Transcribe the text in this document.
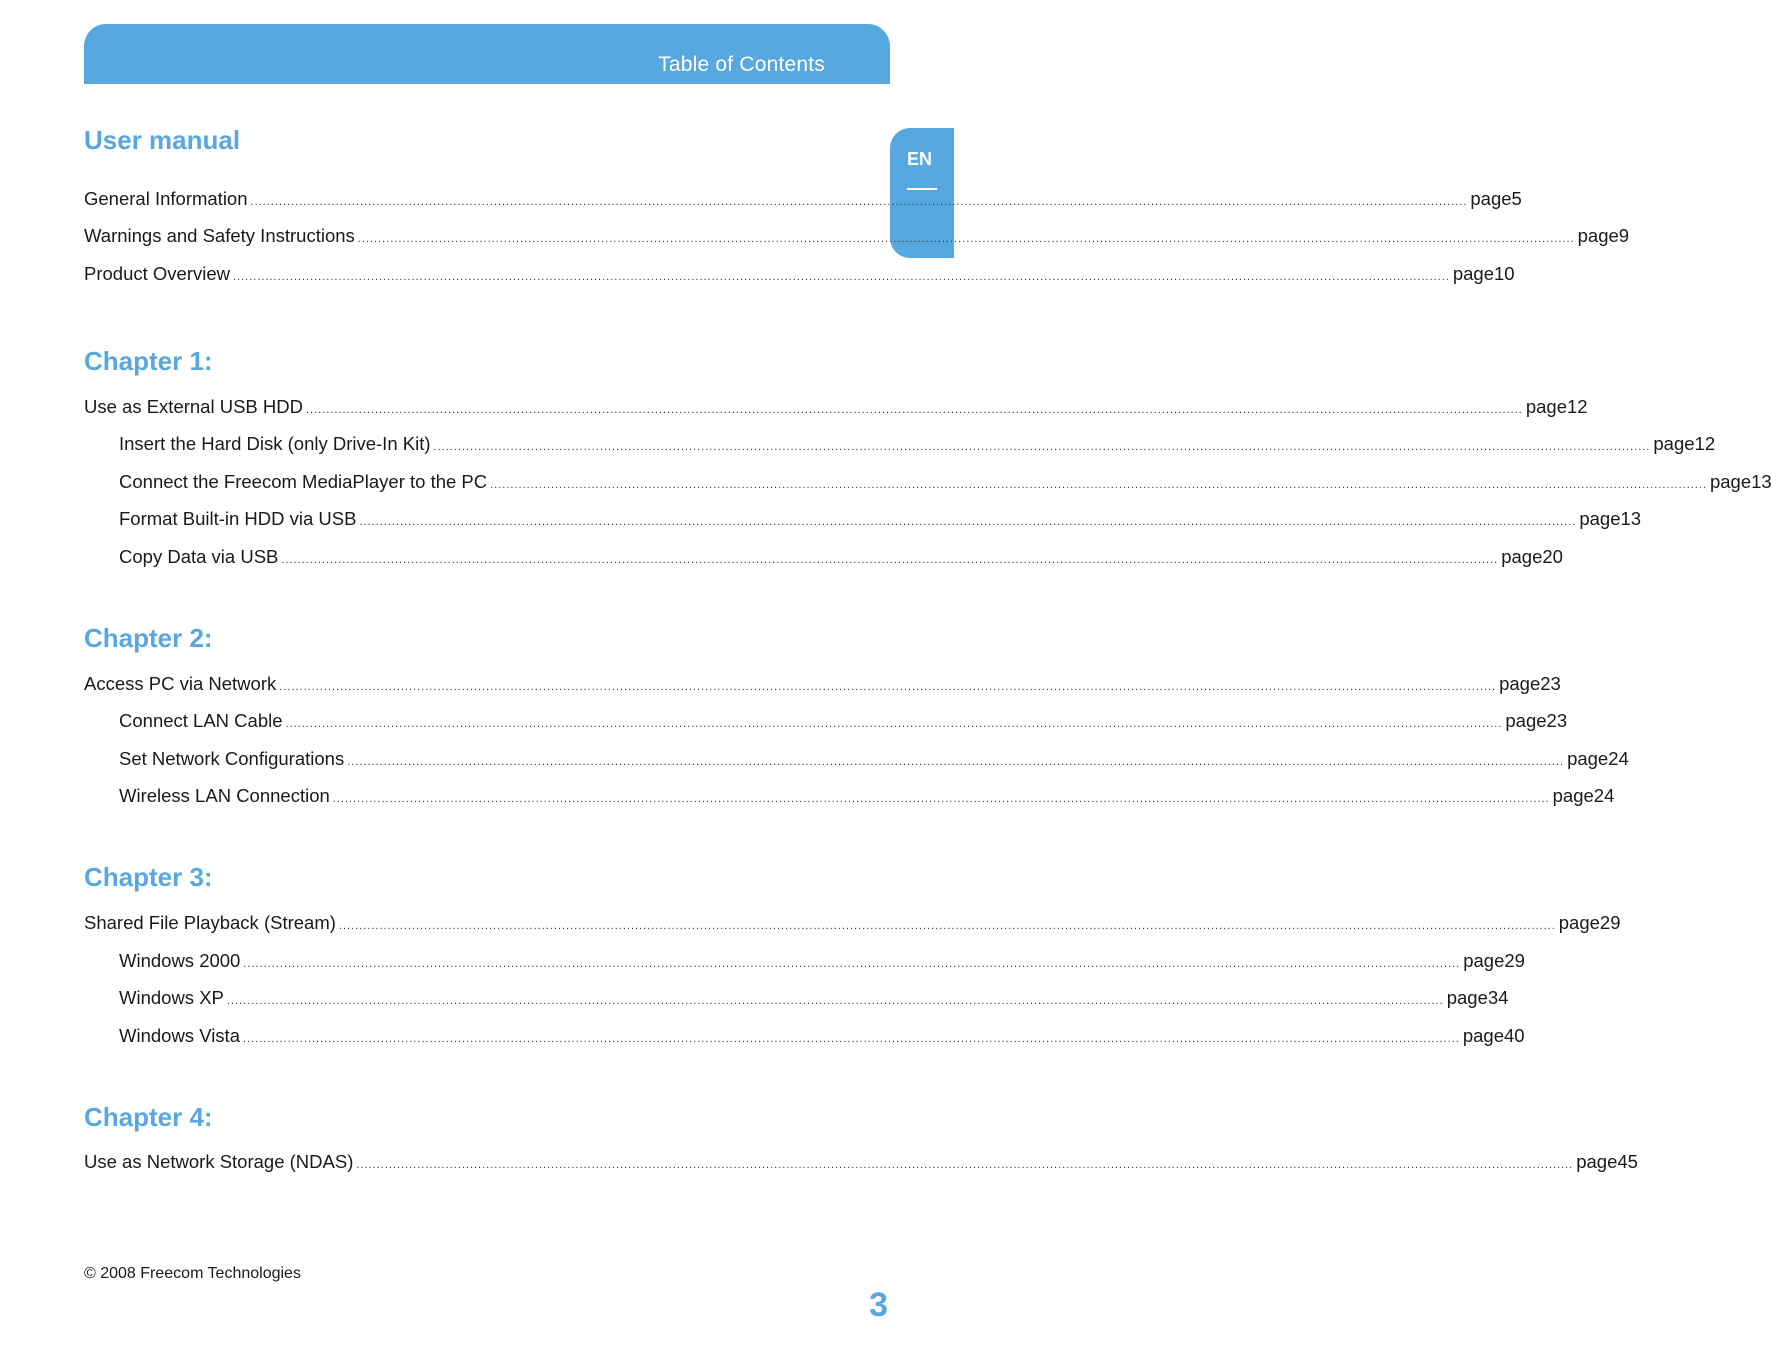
Table of Contents
EN
User manual
General Information ............................................................................................................................................................................................................................................................................................................ page 5
Warnings and Safety Instructions ............................................................................................................................................................................................................................................................................................................ page 9
Product Overview ............................................................................................................................................................................................................................................................................................................ page 10
Chapter 1:
Use as External USB HDD ............................................................................................................................................................................................................................................................................................................ page 12
Insert the Hard Disk (only Drive-In Kit) ............................................................................................................................................................................................................................................................................................................ page 12
Connect the Freecom MediaPlayer to the PC ............................................................................................................................................................................................................................................................................................................ page 13
Format Built-in HDD via USB ............................................................................................................................................................................................................................................................................................................ page 13
Copy Data via USB ............................................................................................................................................................................................................................................................................................................ page 20
Chapter 2:
Access PC via Network ............................................................................................................................................................................................................................................................................................................ page 23
Connect LAN Cable ............................................................................................................................................................................................................................................................................................................ page 23
Set Network Configurations ............................................................................................................................................................................................................................................................................................................ page 24
Wireless LAN Connection ............................................................................................................................................................................................................................................................................................................ page 24
Chapter 3:
Shared File Playback (Stream) ............................................................................................................................................................................................................................................................................................................ page 29
Windows 2000 ............................................................................................................................................................................................................................................................................................................ page 29
Windows XP ............................................................................................................................................................................................................................................................................................................ page 34
Windows Vista ............................................................................................................................................................................................................................................................................................................ page 40
Chapter 4:
Use as Network Storage (NDAS) ............................................................................................................................................................................................................................................................................................................ page 45
© 2008 Freecom Technologies
3
